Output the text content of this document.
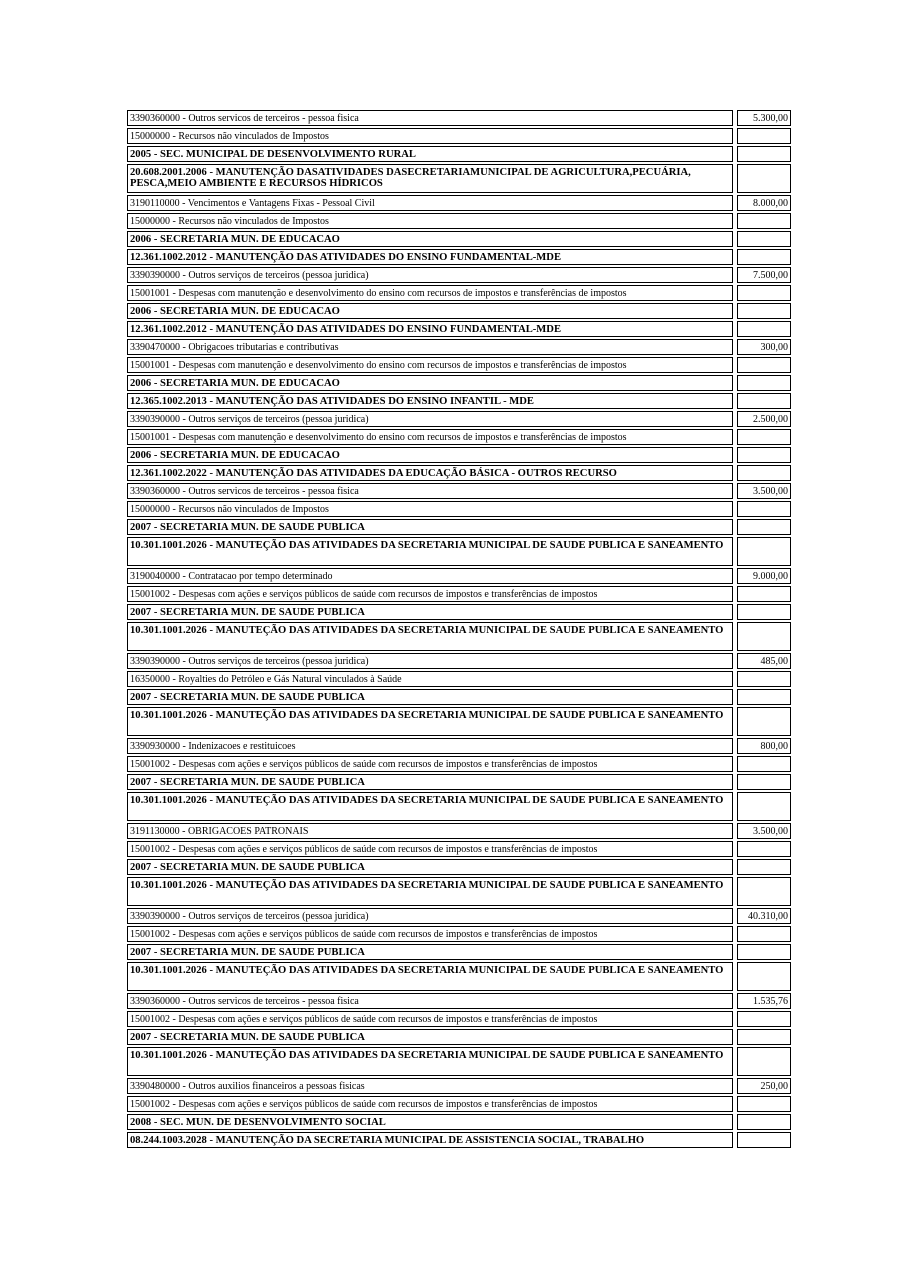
3390360000 - Outros servicos de terceiros - pessoa fisica		5.300,00

15000000 - Recursos não vinculados de Impostos		

2005 - SEC. MUNICIPAL DE DESENVOLVIMENTO RURAL		

20.608.2001.2006 - MANUTENÇÃO DASATIVIDADES DASECRETARIAMUNICIPAL DE AGRICULTURA,PECUÁRIA, PESCA,MEIO AMBIENTE E RECURSOS HÍDRICOS		

3190110000 - Vencimentos e Vantagens Fixas - Pessoal Civil		8.000,00

15000000 - Recursos não vinculados de Impostos		

2006 - SECRETARIA MUN. DE EDUCACAO		

12.361.1002.2012 - MANUTENÇÃO DAS ATIVIDADES DO ENSINO FUNDAMENTAL-MDE		

3390390000 - Outros serviços de terceiros (pessoa juridica)		7.500,00

15001001 - Despesas com manutenção e desenvolvimento do ensino com recursos de impostos e transferências de impostos		

2006 - SECRETARIA MUN. DE EDUCACAO		

12.361.1002.2012 - MANUTENÇÃO DAS ATIVIDADES DO ENSINO FUNDAMENTAL-MDE		

3390470000 - Obrigacoes tributarias e contributivas		300,00

15001001 - Despesas com manutenção e desenvolvimento do ensino com recursos de impostos e transferências de impostos		

2006 - SECRETARIA MUN. DE EDUCACAO		

12.365.1002.2013 - MANUTENÇÃO DAS ATIVIDADES DO ENSINO INFANTIL - MDE		

3390390000 - Outros serviços de terceiros (pessoa juridica)		2.500,00

15001001 - Despesas com manutenção e desenvolvimento do ensino com recursos de impostos e transferências de impostos		

2006 - SECRETARIA MUN. DE EDUCACAO		

12.361.1002.2022 - MANUTENÇÃO DAS ATIVIDADES DA EDUCAÇÃO BÁSICA - OUTROS RECURSO		

3390360000 - Outros servicos de terceiros - pessoa fisica		3.500,00

15000000 - Recursos não vinculados de Impostos		

2007 - SECRETARIA MUN. DE SAUDE PUBLICA		

10.301.1001.2026 - MANUTEÇÃO DAS ATIVIDADES DA SECRETARIA MUNICIPAL DE SAUDE PUBLICA E SANEAMENTO		

3190040000 - Contratacao por tempo determinado		9.000,00

15001002 - Despesas com ações e serviços públicos de saúde com recursos de impostos e transferências de impostos		

2007 - SECRETARIA MUN. DE SAUDE PUBLICA		

10.301.1001.2026 - MANUTEÇÃO DAS ATIVIDADES DA SECRETARIA MUNICIPAL DE SAUDE PUBLICA E SANEAMENTO		

3390390000 - Outros serviços de terceiros (pessoa juridica)		485,00

16350000 - Royalties do Petróleo e Gás Natural vinculados à Saúde		

2007 - SECRETARIA MUN. DE SAUDE PUBLICA		

10.301.1001.2026 - MANUTEÇÃO DAS ATIVIDADES DA SECRETARIA MUNICIPAL DE SAUDE PUBLICA E SANEAMENTO		

3390930000 - Indenizacoes e restituicoes		800,00

15001002 - Despesas com ações e serviços públicos de saúde com recursos de impostos e transferências de impostos		

2007 - SECRETARIA MUN. DE SAUDE PUBLICA		

10.301.1001.2026 - MANUTEÇÃO DAS ATIVIDADES DA SECRETARIA MUNICIPAL DE SAUDE PUBLICA E SANEAMENTO		

3191130000 - OBRIGACOES PATRONAIS		3.500,00

15001002 - Despesas com ações e serviços públicos de saúde com recursos de impostos e transferências de impostos		

2007 - SECRETARIA MUN. DE SAUDE PUBLICA		

10.301.1001.2026 - MANUTEÇÃO DAS ATIVIDADES DA SECRETARIA MUNICIPAL DE SAUDE PUBLICA E SANEAMENTO		

3390390000 - Outros serviços de terceiros (pessoa juridica)		40.310,00

15001002 - Despesas com ações e serviços públicos de saúde com recursos de impostos e transferências de impostos		

2007 - SECRETARIA MUN. DE SAUDE PUBLICA		

10.301.1001.2026 - MANUTEÇÃO DAS ATIVIDADES DA SECRETARIA MUNICIPAL DE SAUDE PUBLICA E SANEAMENTO		

3390360000 - Outros servicos de terceiros - pessoa fisica		1.535,76

15001002 - Despesas com ações e serviços públicos de saúde com recursos de impostos e transferências de impostos		

2007 - SECRETARIA MUN. DE SAUDE PUBLICA		

10.301.1001.2026 - MANUTEÇÃO DAS ATIVIDADES DA SECRETARIA MUNICIPAL DE SAUDE PUBLICA E SANEAMENTO		

3390480000 - Outros auxilios financeiros a pessoas fisicas		250,00

15001002 - Despesas com ações e serviços públicos de saúde com recursos de impostos e transferências de impostos		

2008 - SEC. MUN. DE DESENVOLVIMENTO SOCIAL		

08.244.1003.2028 - MANUTENÇÃO DA SECRETARIA MUNICIPAL DE ASSISTENCIA SOCIAL, TRABALHO		
